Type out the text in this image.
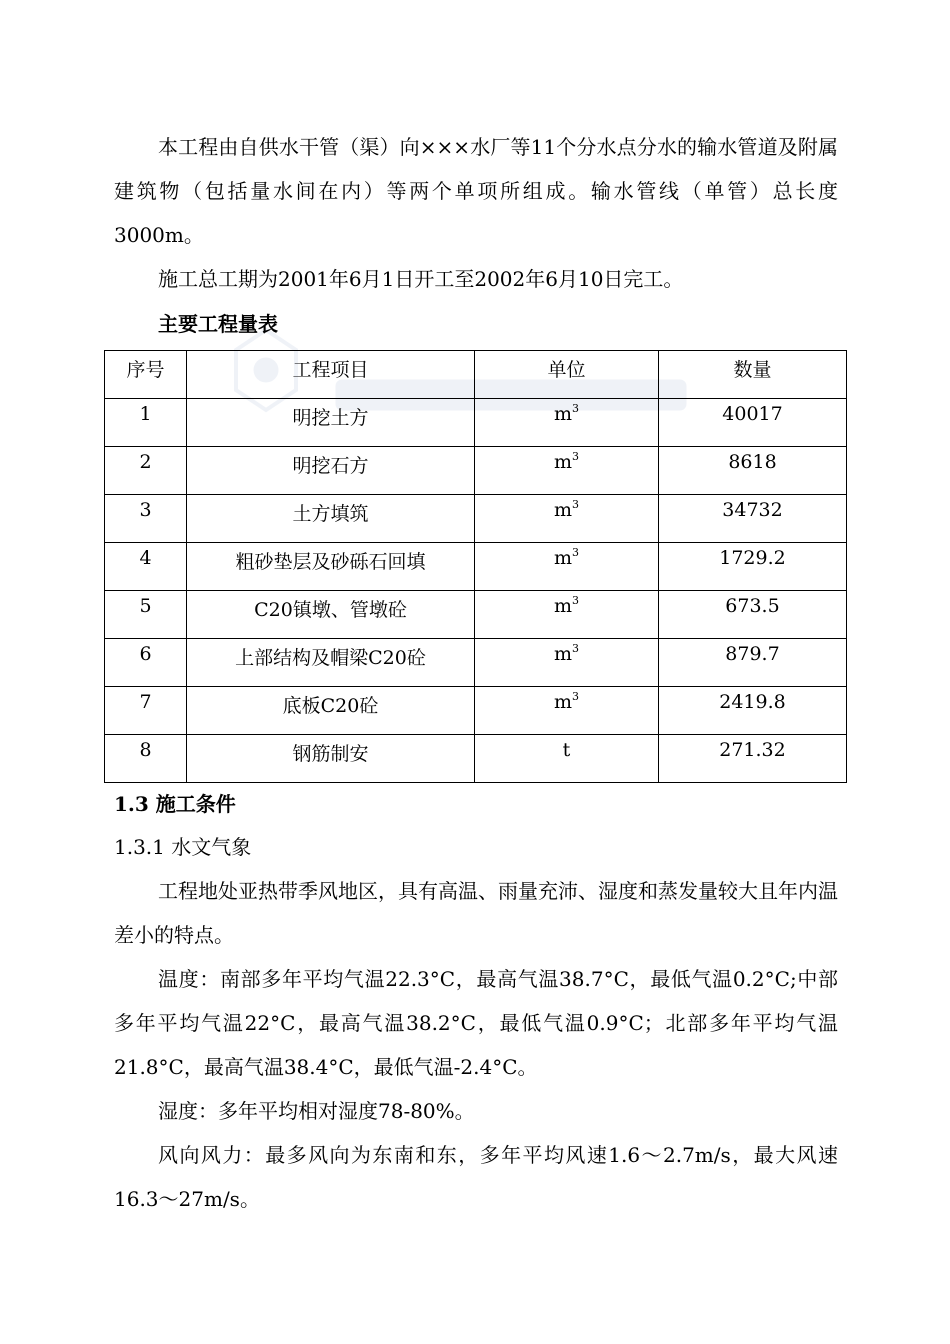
本工程由自供水干管（渠）向×××水厂等11个分水点分水的输水管道及附属建筑物（包括量水间在内）等两个单项所组成。输水管线（单管）总长度3000m。

施工总工期为2001年6月1日开工至2002年6月10日完工。

主要工程量表

序号	工程项目	单位	数量
1	明挖土方	$m^3$	40017
2	明挖石方	$m^3$	8618
3	土方填筑	$m^3$	34732
4	粗砂垫层及砂砾石回填	$m^3$	1729.2
5	C20镇墩、管墩砼	$m^3$	673.5
6	上部结构及帽梁C20砼	$m^3$	879.7
7	底板C20砼	$m^3$	2419.8
8	钢筋制安	t	271.32

1.3 施工条件

1.3.1 水文气象

工程地处亚热带季风地区，具有高温、雨量充沛、湿度和蒸发量较大且年内温差小的特点。

温度：南部多年平均气温22.3°C，最高气温38.7°C，最低气温0.2°C;中部多年平均气温22°C，最高气温38.2°C，最低气温0.9°C；北部多年平均气温21.8°C，最高气温38.4°C，最低气温-2.4°C。

湿度：多年平均相对湿度78-80%。

风向风力：最多风向为东南和东，多年平均风速1.6～2.7m/s，最大风速16.3～27m/s。
